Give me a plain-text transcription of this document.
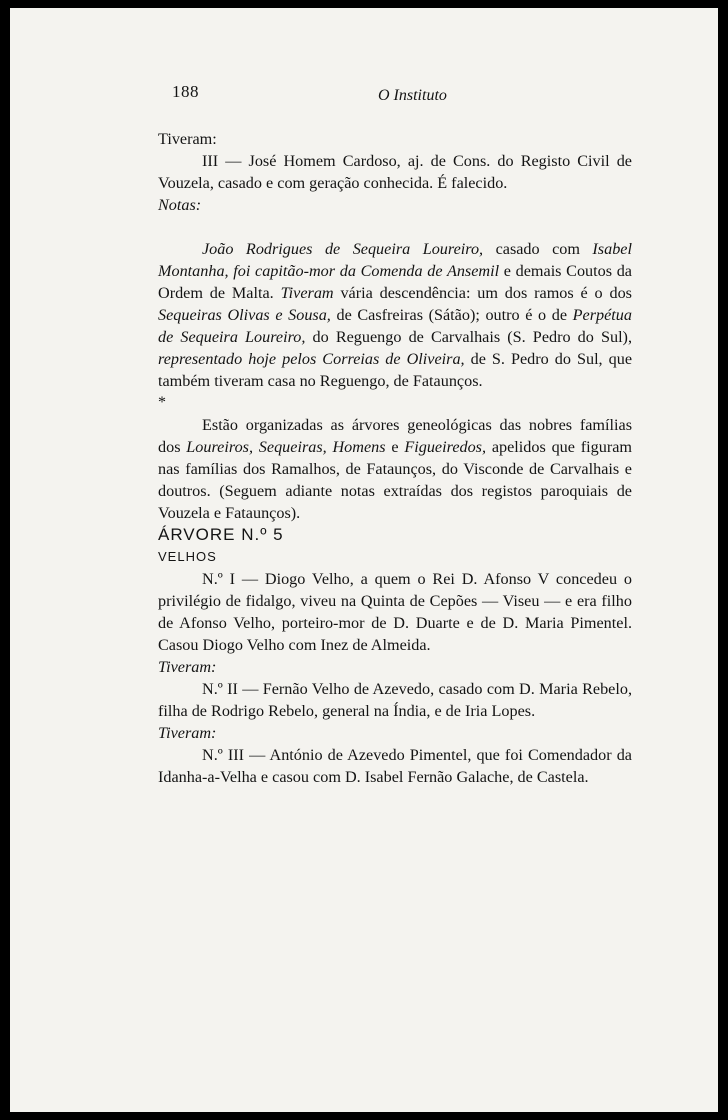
188	O Instituto

Tiveram:

III — José Homem Cardoso, aj. de Cons. do Registo Civil de Vouzela, casado e com geração conhecida. É falecido.

Notas:

João Rodrigues de Sequeira Loureiro, casado com Isabel Montanha, foi capitão-mor da Comenda de Ansemil e demais Coutos da Ordem de Malta. Tiveram vária descendência: um dos ramos é o dos Sequeiras Olivas e Sousa, de Casfreiras (Sátão); outro é o de Perpétua de Sequeira Loureiro, do Reguengo de Carvalhais (S. Pedro do Sul), representado hoje pelos Correias de Oliveira, de S. Pedro do Sul, que também tiveram casa no Reguengo, de Fataunços.

*

Estão organizadas as árvores geneológicas das nobres famílias dos Loureiros, Sequeiras, Homens e Figueiredos, apelidos que figuram nas famílias dos Ramalhos, de Fataunços, do Visconde de Carvalhais e doutros. (Seguem adiante notas extraídas dos registos paroquiais de Vouzela e Fataunços).

ÁRVORE N.º 5

VELHOS

N.º I — Diogo Velho, a quem o Rei D. Afonso V concedeu o privilégio de fidalgo, viveu na Quinta de Cepões — Viseu — e era filho de Afonso Velho, porteiro-mor de D. Duarte e de D. Maria Pimentel. Casou Diogo Velho com Inez de Almeida.

Tiveram:

N.º II — Fernão Velho de Azevedo, casado com D. Maria Rebelo, filha de Rodrigo Rebelo, general na Índia, e de Iria Lopes.

Tiveram:

N.º III — António de Azevedo Pimentel, que foi Comendador da Idanha-a-Velha e casou com D. Isabel Fernão Galache, de Castela.
